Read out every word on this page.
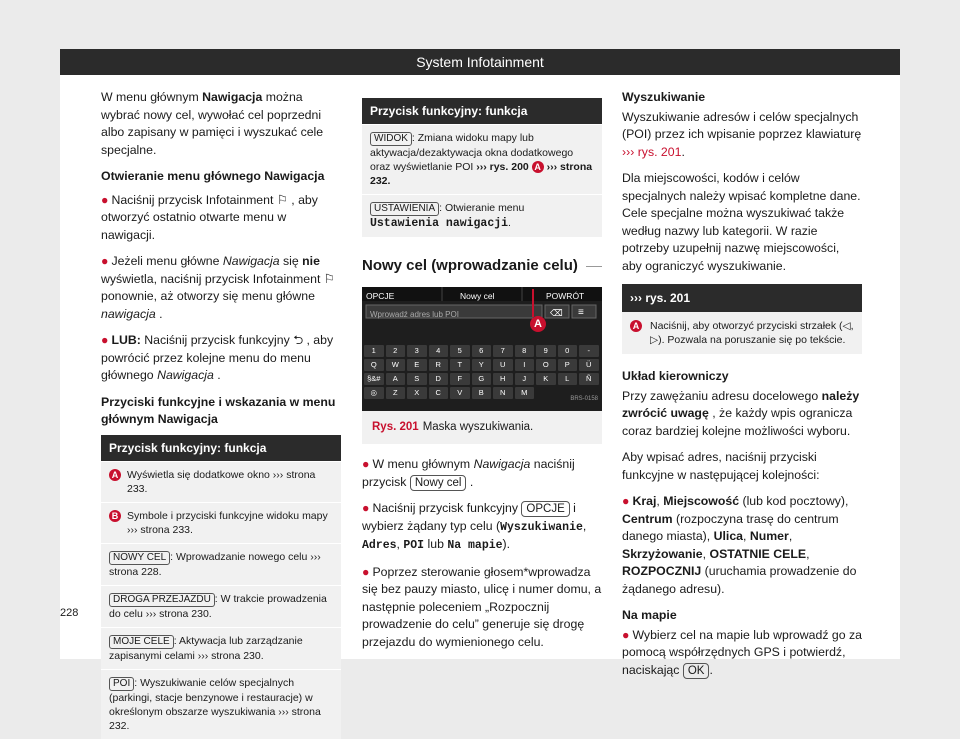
System Infotainment

W menu głównym Nawigacja można wybrać nowy cel, wywołać cel poprzedni albo zapisany w pamięci i wyszukać cele specjalne.

Otwieranie menu głównego Nawigacja

● Naciśnij przycisk Infotainment ⚐ , aby otworzyć ostatnio otwarte menu w nawigacji.

● Jeżeli menu główne Nawigacja się nie wyświetla, naciśnij przycisk Infotainment ⚐ ponownie, aż otworzy się menu główne nawigacja .

● LUB: Naciśnij przycisk funkcyjny ⮌ , aby powrócić przez kolejne menu do menu głównego Nawigacja .

Przyciski funkcyjne i wskazania w menu głównym Nawigacja

Przycisk funkcyjny: funkcja
A Wyświetla się dodatkowe okno ››› strona 233.
B Symbole i przyciski funkcyjne widoku mapy ››› strona 233.
NOWY CEL : Wprowadzanie nowego celu ››› strona 228.
DROGA PRZEJAZDU : W trakcie prowadzenia do celu ››› strona 230.
MOJE CELE : Aktywacja lub zarządzanie zapisanymi celami ››› strona 230.
POI : Wyszukiwanie celów specjalnych (parkingi, stacje benzynowe i restauracje) w określonym obszarze wyszukiwania ››› strona 232.
Przycisk funkcyjny: funkcja
WIDOK : Zmiana widoku mapy lub aktywacja/dezaktywacja okna dodatkowego oraz wyświetlanie POI ››› rys. 200 A ››› strona 232.
USTAWIENIA : Otwieranie menu Ustawienia nawigacji.
Nowy cel (wprowadzanie celu)
OPCJE	Nowy cel	POWRÓT
Wprowadź adres lub POI	⌫ ≡
1	2	3	4	5	6	7	8	9	0	-
Q	W	E	R	T	Y	U	I	O	P	Ü
§&#	A	S	D	F	G	H	J	K	L	Ñ
◎	Z	X	C	V	B	N	M
A
BRS-0158
Rys. 201 Maska wyszukiwania.

● W menu głównym Nawigacja naciśnij przycisk Nowy cel .

● Naciśnij przycisk funkcyjny OPCJE i wybierz żądany typ celu (Wyszukiwanie, Adres, POI lub Na mapie).

● Poprzez sterowanie głosem*wprowadza się bez pauzy miasto, ulicę i numer domu, a następnie poleceniem „Rozpocznij prowadzenie do celu” generuje się drogę przejazdu do wymienionego celu.

Wyszukiwanie

Wyszukiwanie adresów i celów specjalnych (POI) przez ich wpisanie poprzez klawiaturę ››› rys. 201.

Dla miejscowości, kodów i celów specjalnych należy wpisać kompletne dane. Cele specjalne można wyszukiwać także według nazwy lub kategorii. W razie potrzeby uzupełnij nazwę miejscowości, aby ograniczyć wyszukiwanie.

››› rys. 201
A	Naciśnij, aby otworzyć przyciski strzałek (◁, ▷). Pozwala na poruszanie się po tekście.

Układ kierowniczy

Przy zawężaniu adresu docelowego należy zwrócić uwagę , że każdy wpis ogranicza coraz bardziej kolejne możliwości wyboru.

Aby wpisać adres, naciśnij przyciski funkcyjne w następującej kolejności:

● Kraj, Miejscowość (lub kod pocztowy), Centrum (rozpoczyna trasę do centrum danego miasta), Ulica, Numer, Skrzyżowanie, OSTATNIE CELE, ROZPOCZNIJ (uruchamia prowadzenie do żądanego adresu).

Na mapie

● Wybierz cel na mapie lub wprowadź go za pomocą współrzędnych GPS i potwierdź, naciskając OK .

228
